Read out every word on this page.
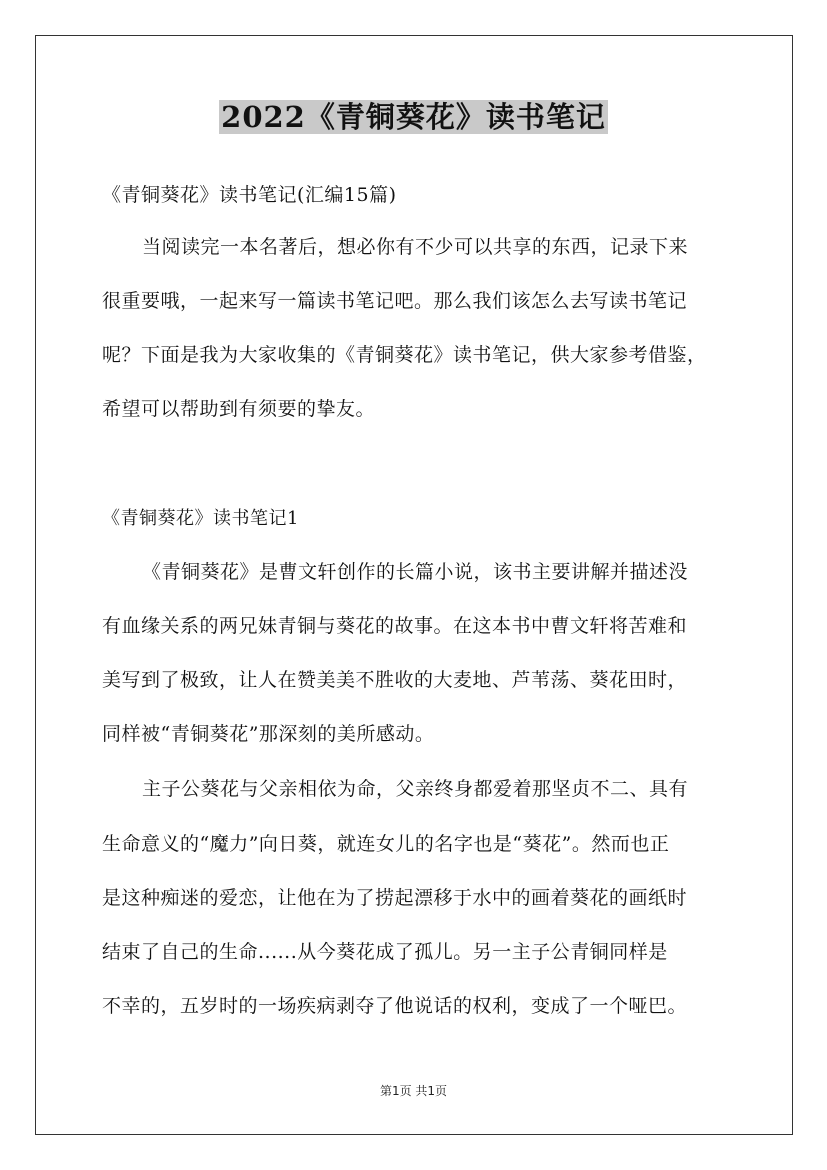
2022《青铜葵花》读书笔记
《青铜葵花》读书笔记(汇编15篇)
当阅读完一本名著后，想必你有不少可以共享的东西，记录下来
很重要哦，一起来写一篇读书笔记吧。那么我们该怎么去写读书笔记
呢？下面是我为大家收集的《青铜葵花》读书笔记，供大家参考借鉴，
希望可以帮助到有须要的挚友。
《青铜葵花》读书笔记1
《青铜葵花》是曹文轩创作的长篇小说，该书主要讲解并描述没
有血缘关系的两兄妹青铜与葵花的故事。在这本书中曹文轩将苦难和
美写到了极致，让人在赞美美不胜收的大麦地、芦苇荡、葵花田时，
同样被“青铜葵花”那深刻的美所感动。
主子公葵花与父亲相依为命，父亲终身都爱着那坚贞不二、具有
生命意义的“魔力”向日葵，就连女儿的名字也是“葵花”。然而也正
是这种痴迷的爱恋，让他在为了捞起漂移于水中的画着葵花的画纸时
结束了自己的生命......从今葵花成了孤儿。另一主子公青铜同样是
不幸的，五岁时的一场疾病剥夺了他说话的权利，变成了一个哑巴。
第1页 共1页
